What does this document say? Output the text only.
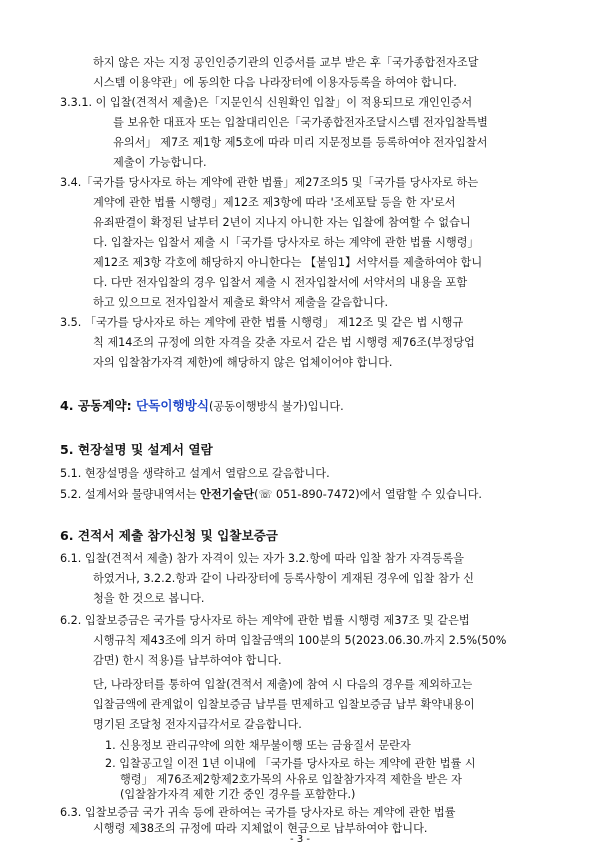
하지 않은 자는 지정 공인인증기관의 인증서를 교부 받은 후「국가종합전자조달
시스템 이용약관」에 동의한 다음 나라장터에 이용자등록을 하여야 합니다.
3.3.1. 이 입찰(견적서 제출)은「지문인식 신원확인 입찰」이 적용되므로 개인인증서
를 보유한 대표자 또는 입찰대리인은「국가종합전자조달시스템 전자입찰특별
유의서」 제7조 제1항 제5호에 따라 미리 지문정보를 등록하여야 전자입찰서
제출이 가능합니다.
3.4.「국가를 당사자로 하는 계약에 관한 법률」제27조의5 및「국가를 당사자로 하는
계약에 관한 법률 시행령」제12조 제3항에 따라 '조세포탈 등을 한 자'로서
유죄판결이 확정된 날부터 2년이 지나지 아니한 자는 입찰에 참여할 수 없습니
다. 입찰자는 입찰서 제출 시「국가를 당사자로 하는 계약에 관한 법률 시행령」
제12조 제3항 각호에 해당하지 아니한다는 【붙임1】서약서를 제출하여야 합니
다. 다만 전자입찰의 경우 입찰서 제출 시 전자입찰서에 서약서의 내용을 포함
하고 있으므로 전자입찰서 제출로 확약서 제출을 갈음합니다.
3.5. 「국가를 당사자로 하는 계약에 관한 법률 시행령」 제12조 및 같은 법 시행규
칙 제14조의 규정에 의한 자격을 갖춘 자로서 같은 법 시행령 제76조(부정당업
자의 입찰참가자격 제한)에 해당하지 않은 업체이어야 합니다.
4. 공동계약: 단독이행방식(공동이행방식 불가)입니다.
5. 현장설명 및 설계서 열람
5.1. 현장설명을 생략하고 설계서 열람으로 갈음합니다.
5.2. 설계서와 물량내역서는 안전기술단(☏ 051-890-7472)에서 열람할 수 있습니다.
6. 견적서 제출 참가신청 및 입찰보증금
6.1. 입찰(견적서 제출) 참가 자격이 있는 자가 3.2.항에 따라 입찰 참가 자격등록을
하였거나, 3.2.2.항과 같이 나라장터에 등록사항이 게재된 경우에 입찰 참가 신
청을 한 것으로 봅니다.
6.2. 입찰보증금은 국가를 당사자로 하는 계약에 관한 법률 시행령 제37조 및 같은법
시행규칙 제43조에 의거 하며 입찰금액의 100분의 5(2023.06.30.까지 2.5%(50%
감면) 한시 적용)를 납부하여야 합니다.
단, 나라장터를 통하여 입찰(견적서 제출)에 참여 시 다음의 경우를 제외하고는
입찰금액에 관계없이 입찰보증금 납부를 면제하고 입찰보증금 납부 확약내용이
명기된 조달청 전자지급각서로 갈음합니다.
1. 신용정보 관리규약에 의한 채무불이행 또는 금융질서 문란자
2. 입찰공고일 이전 1년 이내에 「국가를 당사자로 하는 계약에 관한 법률 시
행령」 제76조제2항제2호가목의 사유로 입찰참가자격 제한을 받은 자
- 3 -
(입찰참가자격 제한 기간 중인 경우를 포함한다.)
6.3. 입찰보증금 국가 귀속 등에 관하여는 국가를 당사자로 하는 계약에 관한 법률
시행령 제38조의 규정에 따라 지체없이 현금으로 납부하여야 합니다.
